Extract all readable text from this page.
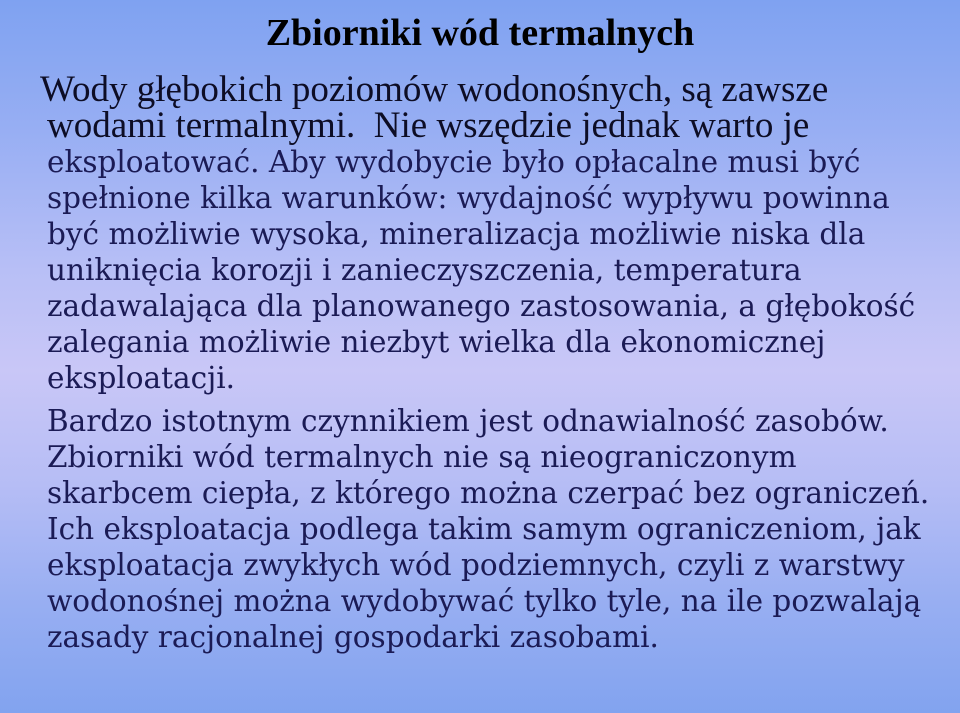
Zbiorniki wód termalnych
Wody głębokich poziomów wodonośnych, są zawsze
wodami termalnymi.  Nie wszędzie jednak warto je
eksploatować. Aby wydobycie było opłacalne musi być
spełnione kilka warunków: wydajność wypływu powinna
być możliwie wysoka, mineralizacja możliwie niska dla
uniknięcia korozji i zanieczyszczenia, temperatura
zadawalająca dla planowanego zastosowania, a głębokość
zalegania możliwie niezbyt wielka dla ekonomicznej
eksploatacji.
Bardzo istotnym czynnikiem jest odnawialność zasobów.
Zbiorniki wód termalnych nie są nieograniczonym
skarbcem ciepła, z którego można czerpać bez ograniczeń.
Ich eksploatacja podlega takim samym ograniczeniom, jak
eksploatacja zwykłych wód podziemnych, czyli z warstwy
wodonośnej można wydobywać tylko tyle, na ile pozwalają
zasady racjonalnej gospodarki zasobami.
